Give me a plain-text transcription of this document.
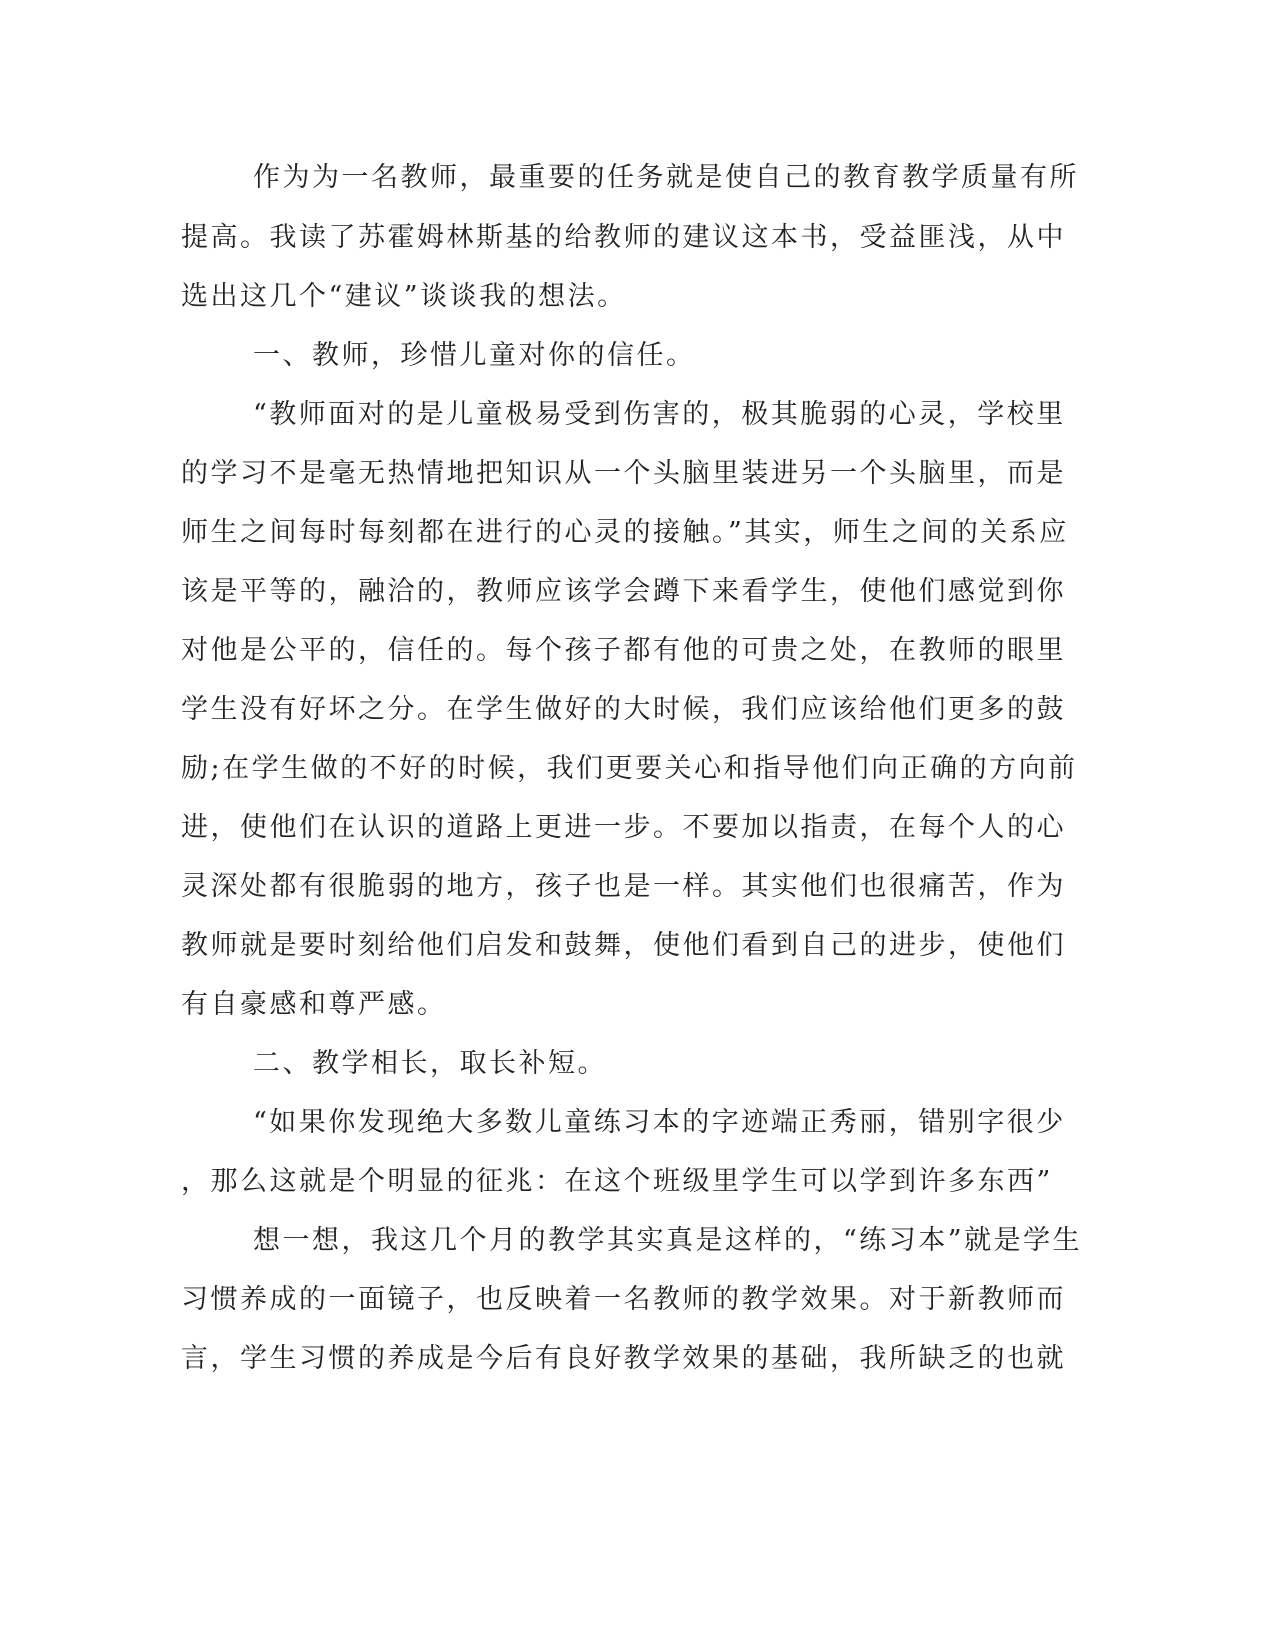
作为为一名教师，最重要的任务就是使自己的教育教学质量有所
提高。我读了苏霍姆林斯基的给教师的建议这本书，受益匪浅，从中
选出这几个“建议”谈谈我的想法。
一、教师，珍惜儿童对你的信任。
“教师面对的是儿童极易受到伤害的，极其脆弱的心灵，学校里
的学习不是毫无热情地把知识从一个头脑里装进另一个头脑里，而是
师生之间每时每刻都在进行的心灵的接触。”其实，师生之间的关系应
该是平等的，融洽的，教师应该学会蹲下来看学生，使他们感觉到你
对他是公平的，信任的。每个孩子都有他的可贵之处，在教师的眼里
学生没有好坏之分。在学生做好的大时候，我们应该给他们更多的鼓
励;在学生做的不好的时候，我们更要关心和指导他们向正确的方向前
进，使他们在认识的道路上更进一步。不要加以指责，在每个人的心
灵深处都有很脆弱的地方，孩子也是一样。其实他们也很痛苦，作为
教师就是要时刻给他们启发和鼓舞，使他们看到自己的进步，使他们
有自豪感和尊严感。
二、教学相长，取长补短。
“如果你发现绝大多数儿童练习本的字迹端正秀丽，错别字很少
，那么这就是个明显的征兆：在这个班级里学生可以学到许多东西”
想一想，我这几个月的教学其实真是这样的，“练习本”就是学生
习惯养成的一面镜子，也反映着一名教师的教学效果。对于新教师而
言，学生习惯的养成是今后有良好教学效果的基础，我所缺乏的也就
